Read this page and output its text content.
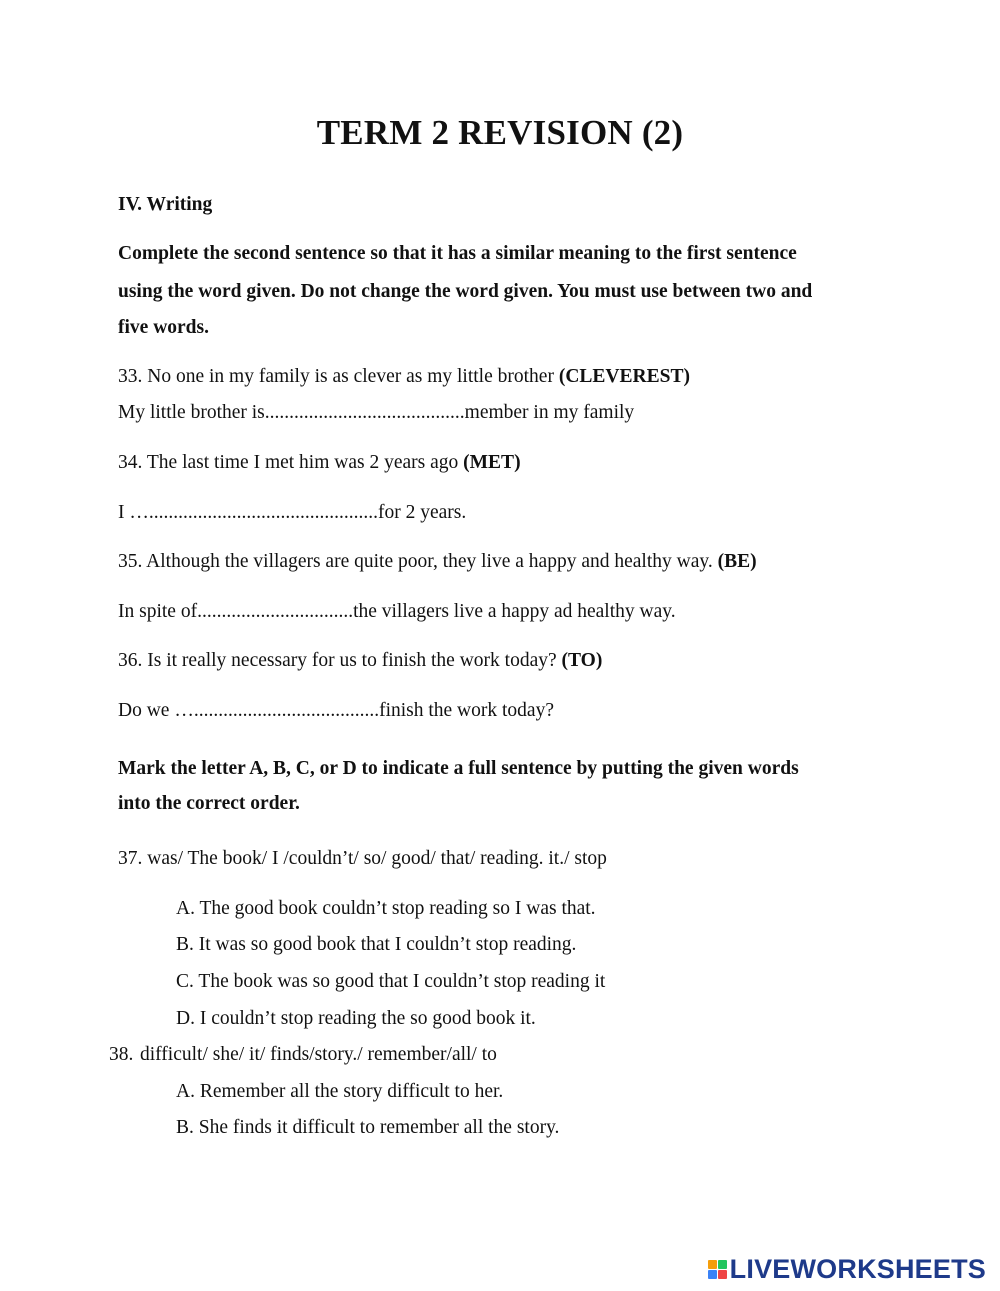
TERM 2 REVISION (2)
IV. Writing
Complete the second sentence so that it has a similar meaning to the first sentence
using the word given. Do not change the word given. You must use between two and
five words.
33. No one in my family is as clever as my little brother (CLEVEREST)
My little brother is.........................................member in my family
34. The last time I met him was 2 years ago (MET)
I …...............................................for 2 years.
35. Although the villagers are quite poor, they live a happy and healthy way. (BE)
In spite of................................the villagers live a happy ad healthy way.
36. Is it really necessary for us to finish the work today? (TO)
Do we …......................................finish the work today?
Mark the letter A, B, C, or D to indicate a full sentence by putting the given words
into the correct order.
37. was/ The book/ I /couldn’t/ so/ good/ that/ reading. it./ stop
A. The good book couldn’t stop reading so I was that.
B. It was so good book that I couldn’t stop reading.
C. The book was so good that I couldn’t stop reading it
D. I couldn’t stop reading the so good book it.
38. difficult/ she/ it/ finds/story./ remember/all/ to
A. Remember all the story difficult to her.
B. She finds it difficult to remember all the story.
LIVEWORKSHEETS
